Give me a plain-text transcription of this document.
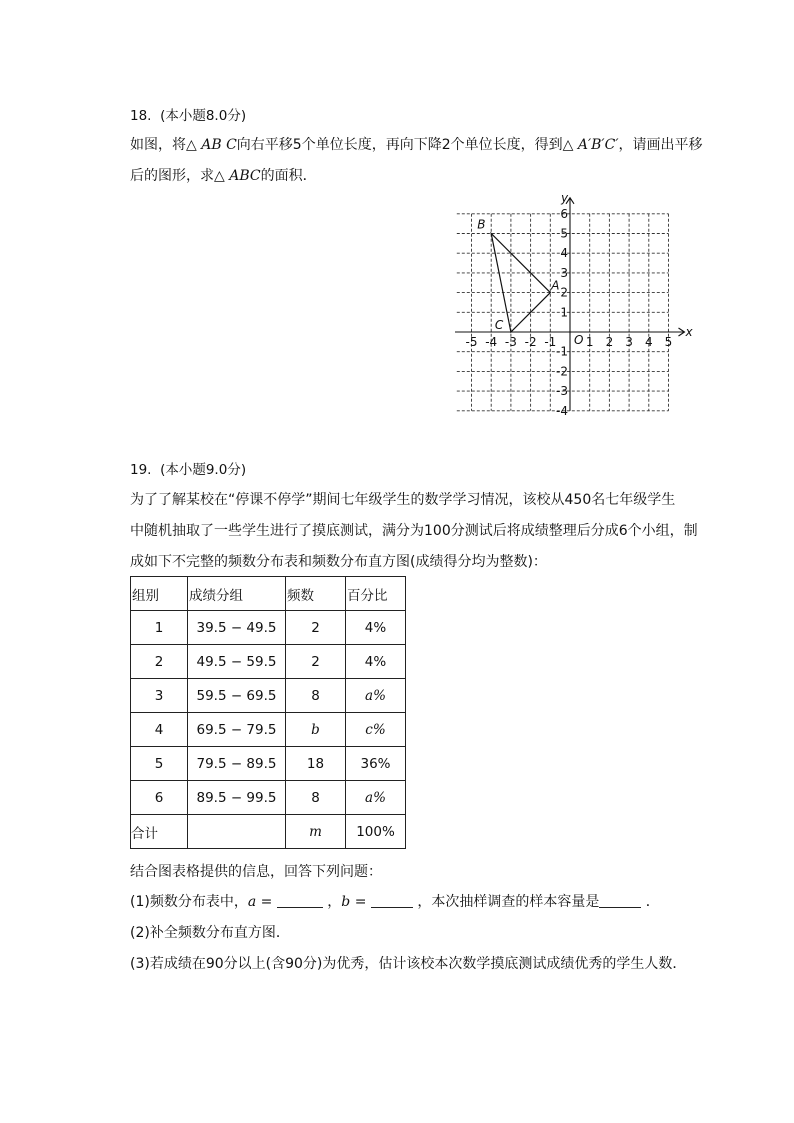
18. (本小题8.0分)
如图，将△ AB C向右平移5个单位长度，再向下降2个单位长度，得到△ A′B′C′，请画出平移
后的图形，求△ ABC的面积．
-5 -4 -3 -2 -1 1 2 3 4 5
6
5
4
3
2
1
-1
-2
-3
-4
y
x
O
A
B
C
19. (本小题9.0分)
为了了解某校在“停课不停学”期间七年级学生的数学学习情况，该校从450名七年级学生
中随机抽取了一些学生进行了摸底测试，满分为100分测试后将成绩整理后分成6个小组，制
成如下不完整的频数分布表和频数分布直方图(成绩得分均为整数)：
组别	成绩分组	频数	百分比
1	39.5 − 49.5	2	4%
2	49.5 − 59.5	2	4%
3	59.5 − 69.5	8	a%
4	69.5 − 79.5	b	c%
5	79.5 − 89.5	18	36%
6	89.5 − 99.5	8	a%
合计		m	100%
结合图表格提供的信息，回答下列问题：
(1)频数分布表中，a =	，b =	，本次抽样调查的样本容量是	．
(2)补全频数分布直方图．
(3)若成绩在90分以上(含90分)为优秀，估计该校本次数学摸底测试成绩优秀的学生人数．
